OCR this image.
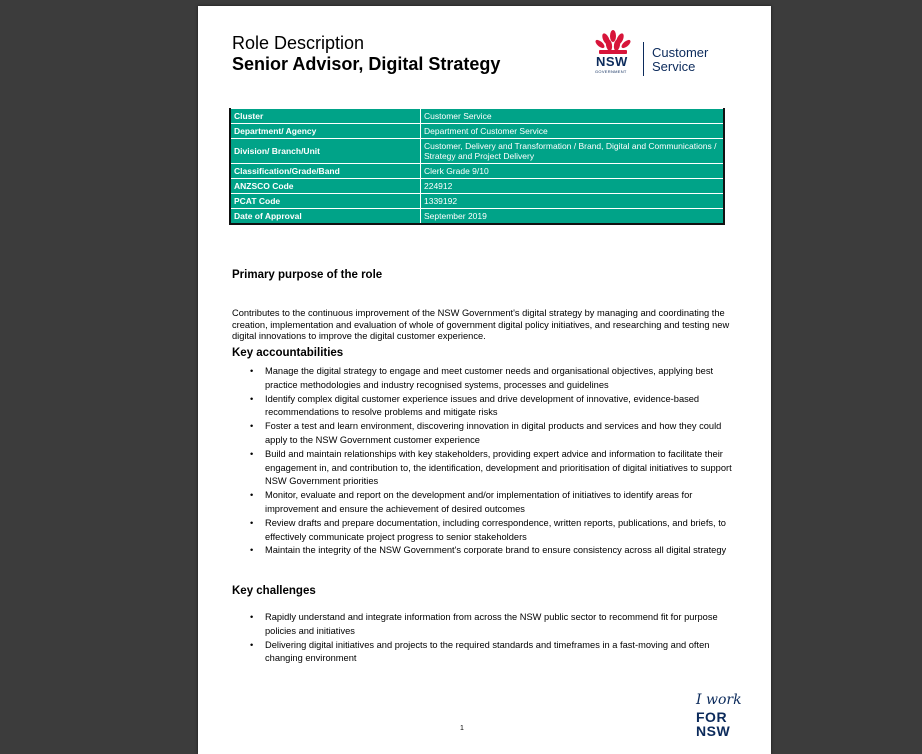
Role Description
Senior Advisor, Digital Strategy	NSW
GOVERNMENT
Customer
Service
Cluster	Customer Service
Department/ Agency	Department of Customer Service
Division/ Branch/Unit	Customer, Delivery and Transformation / Brand, Digital and Communications / Strategy and Project Delivery
Classification/Grade/Band	Clerk Grade 9/10
ANZSCO Code	224912
PCAT Code	1339192
Date of Approval	September 2019
Primary purpose of the role
Contributes to the continuous improvement of the NSW Government's digital strategy by managing and coordinating the creation, implementation and evaluation of whole of government digital policy initiatives, and researching and testing new digital innovations to improve the digital customer experience.
Key accountabilities
• Manage the digital strategy to engage and meet customer needs and organisational objectives, applying best practice methodologies and industry recognised systems, processes and guidelines
• Identify complex digital customer experience issues and drive development of innovative, evidence-based recommendations to resolve problems and mitigate risks
• Foster a test and learn environment, discovering innovation in digital products and services and how they could apply to the NSW Government customer experience
• Build and maintain relationships with key stakeholders, providing expert advice and information to facilitate their engagement in, and contribution to, the identification, development and prioritisation of digital initiatives to support NSW Government priorities
• Monitor, evaluate and report on the development and/or implementation of initiatives to identify areas for improvement and ensure the achievement of desired outcomes
• Review drafts and prepare documentation, including correspondence, written reports, publications, and briefs, to effectively communicate project progress to senior stakeholders
• Maintain the integrity of the NSW Government's corporate brand to ensure consistency across all digital strategy
Key challenges
• Rapidly understand and integrate information from across the NSW public sector to recommend fit for purpose policies and initiatives
• Delivering digital initiatives and projects to the required standards and timeframes in a fast-moving and often changing environment
1
I work
FOR
NSW
